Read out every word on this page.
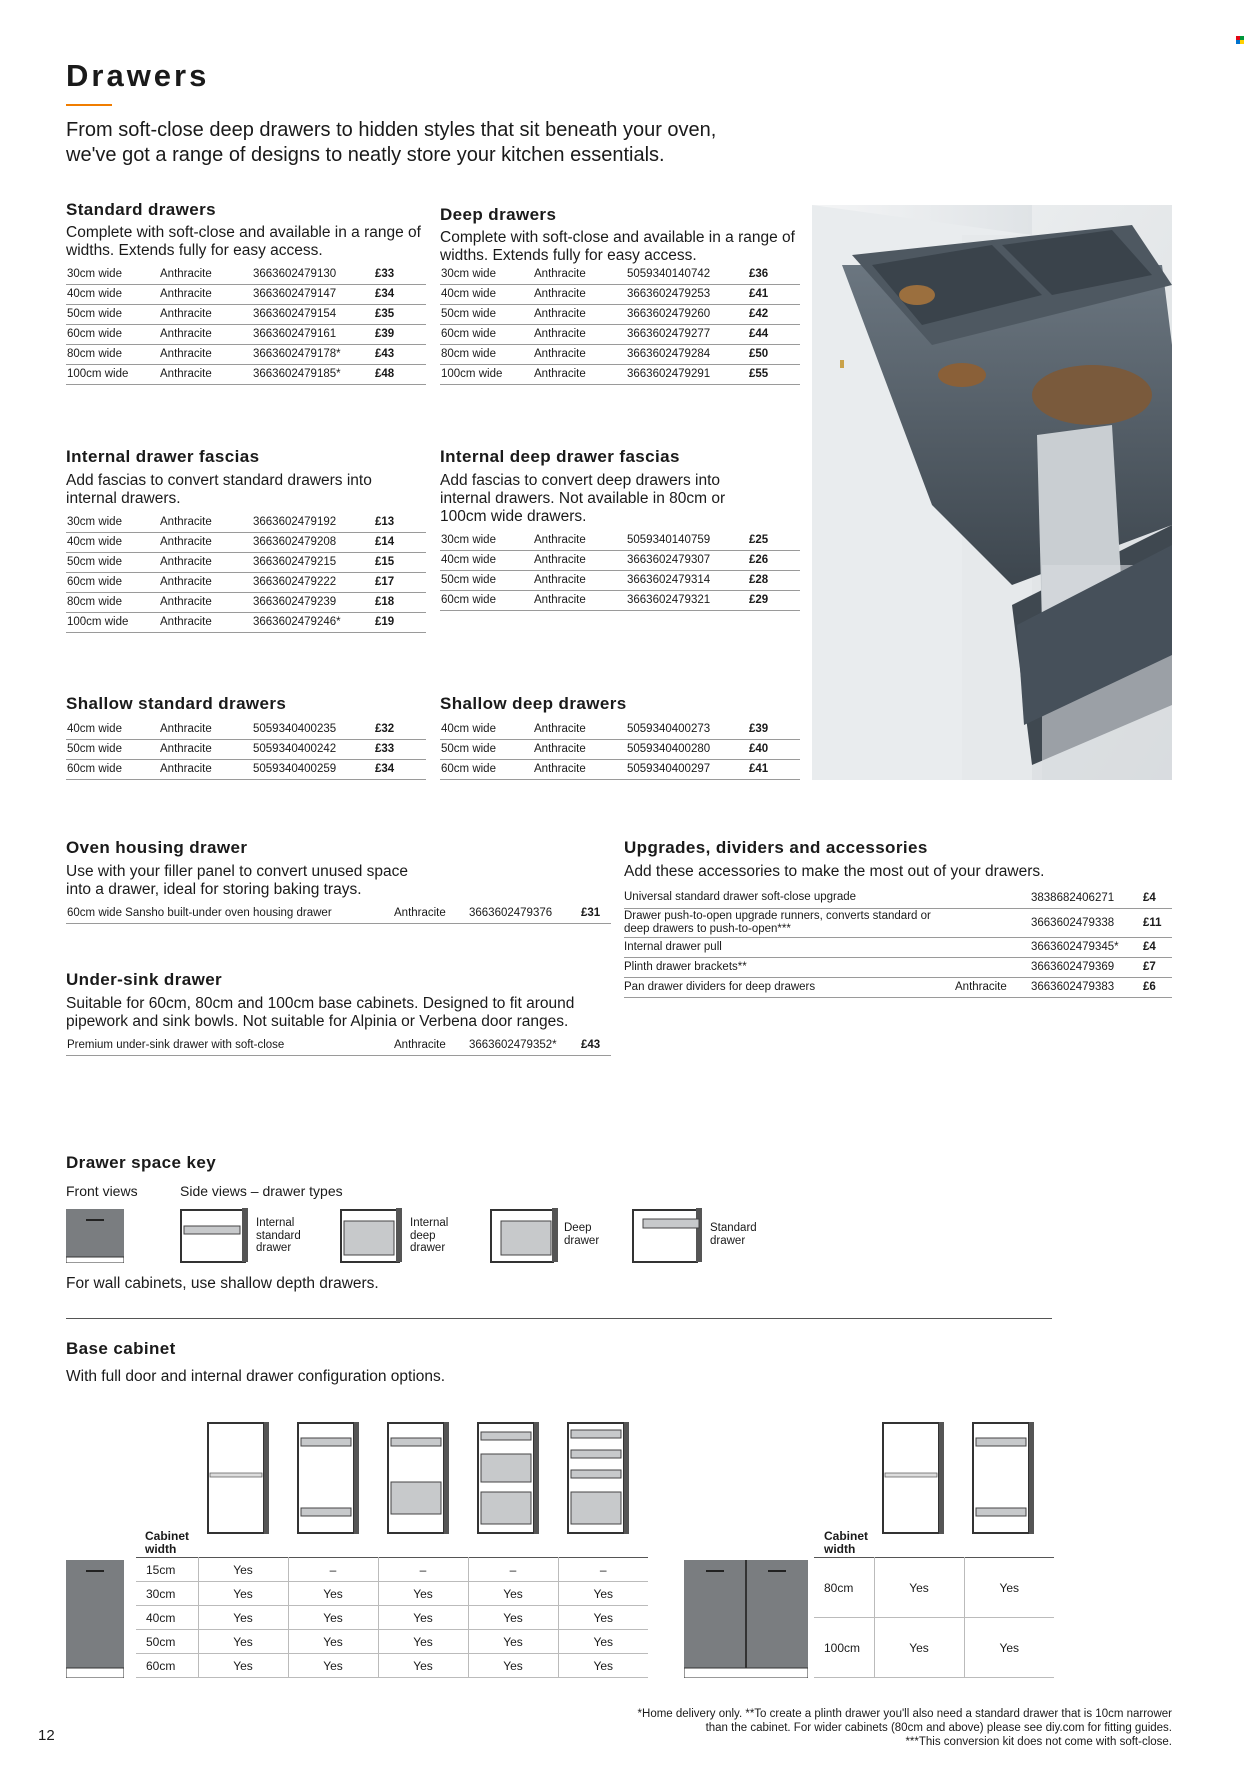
Drawers
From soft-close deep drawers to hidden styles that sit beneath your oven, we've got a range of designs to neatly store your kitchen essentials.
Standard drawers
Complete with soft-close and available in a range of widths. Extends fully for easy access.
30cm wide	Anthracite	3663602479130	£33
40cm wide	Anthracite	3663602479147	£34
50cm wide	Anthracite	3663602479154	£35
60cm wide	Anthracite	3663602479161	£39
80cm wide	Anthracite	3663602479178*	£43
100cm wide	Anthracite	3663602479185*	£48
Deep drawers
Complete with soft-close and available in a range of widths. Extends fully for easy access.
30cm wide	Anthracite	5059340140742	£36
40cm wide	Anthracite	3663602479253	£41
50cm wide	Anthracite	3663602479260	£42
60cm wide	Anthracite	3663602479277	£44
80cm wide	Anthracite	3663602479284	£50
100cm wide	Anthracite	3663602479291	£55
Internal drawer fascias
Add fascias to convert standard drawers into internal drawers.
30cm wide	Anthracite	3663602479192	£13
40cm wide	Anthracite	3663602479208	£14
50cm wide	Anthracite	3663602479215	£15
60cm wide	Anthracite	3663602479222	£17
80cm wide	Anthracite	3663602479239	£18
100cm wide	Anthracite	3663602479246*	£19
Internal deep drawer fascias
Add fascias to convert deep drawers into internal drawers. Not available in 80cm or 100cm wide drawers.
30cm wide	Anthracite	5059340140759	£25
40cm wide	Anthracite	3663602479307	£26
50cm wide	Anthracite	3663602479314	£28
60cm wide	Anthracite	3663602479321	£29
Shallow standard drawers
40cm wide	Anthracite	5059340400235	£32
50cm wide	Anthracite	5059340400242	£33
60cm wide	Anthracite	5059340400259	£34
Shallow deep drawers
40cm wide	Anthracite	5059340400273	£39
50cm wide	Anthracite	5059340400280	£40
60cm wide	Anthracite	5059340400297	£41
Oven housing drawer
Use with your filler panel to convert unused space into a drawer, ideal for storing baking trays.
60cm wide Sansho built-under oven housing drawer	Anthracite	3663602479376	£31
Under-sink drawer
Suitable for 60cm, 80cm and 100cm base cabinets. Designed to fit around pipework and sink bowls. Not suitable for Alpinia or Verbena door ranges.
Premium under-sink drawer with soft-close	Anthracite	3663602479352*	£43
Upgrades, dividers and accessories
Add these accessories to make the most out of your drawers.
Universal standard drawer soft-close upgrade		3838682406271	£4
Drawer push-to-open upgrade runners, converts standard or deep drawers to push-to-open***		3663602479338	£11
Internal drawer pull		3663602479345*	£4
Plinth drawer brackets**		3663602479369	£7
Pan drawer dividers for deep drawers	Anthracite	3663602479383	£6
Drawer space key
Front views	Side views – drawer types
Internal standard drawer
Internal deep drawer
Deep drawer
Standard drawer
For wall cabinets, use shallow depth drawers.
Base cabinet
With full door and internal drawer configuration options.
Cabinet width
15cm	Yes	–	–	–	–
30cm	Yes	Yes	Yes	Yes	Yes
40cm	Yes	Yes	Yes	Yes	Yes
50cm	Yes	Yes	Yes	Yes	Yes
60cm	Yes	Yes	Yes	Yes	Yes
Cabinet width
80cm	Yes	Yes
100cm	Yes	Yes
*Home delivery only. **To create a plinth drawer you'll also need a standard drawer that is 10cm narrower
than the cabinet. For wider cabinets (80cm and above) please see diy.com for fitting guides.
***This conversion kit does not come with soft-close.
12
